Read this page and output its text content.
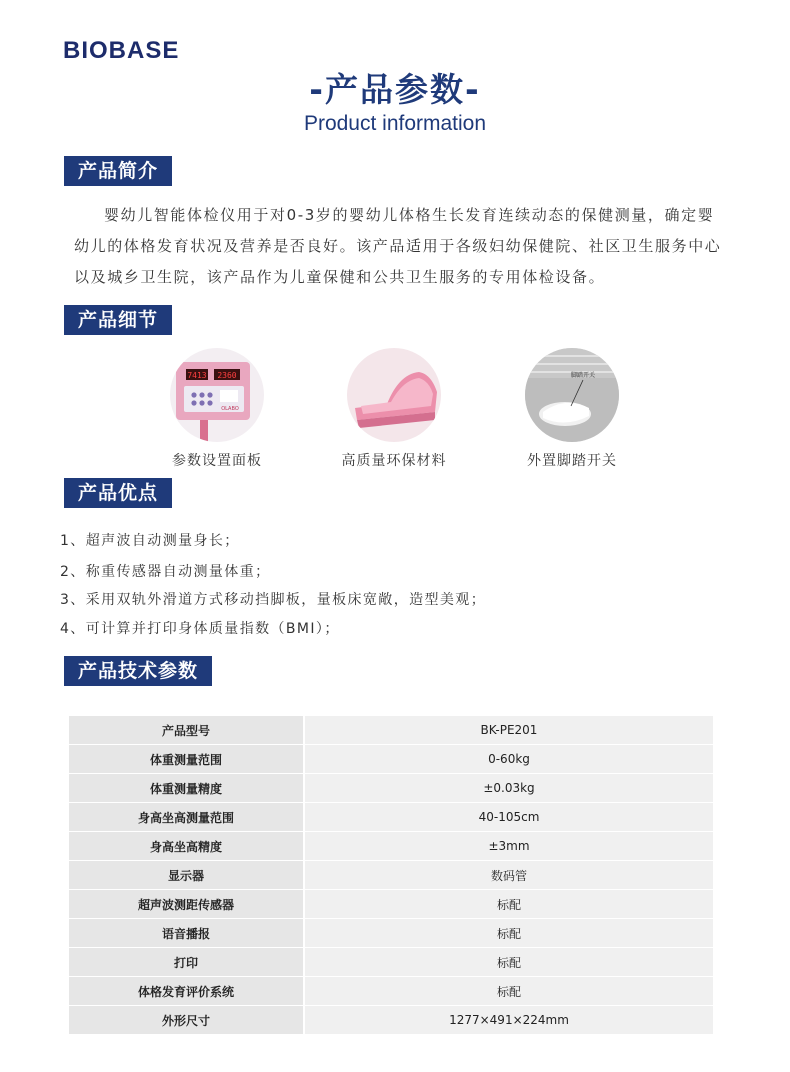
BIOBASE
-产品参数-
Product information
产品简介

婴幼儿智能体检仪用于对0-3岁的婴幼儿体格生长发育连续动态的保健测量，确定婴幼儿的体格发育状况及营养是否良好。该产品适用于各级妇幼保健院、社区卫生服务中心以及城乡卫生院，该产品作为儿童保健和公共卫生服务的专用体检设备。

产品细节
7413 2360
OLABO
参数设置面板	高质量环保材料
脚踏开关
外置脚踏开关
产品优点
1、超声波自动测量身长；
2、称重传感器自动测量体重；
3、采用双轨外滑道方式移动挡脚板，量板床宽敞，造型美观；
4、可计算并打印身体质量指数（BMI）；
产品技术参数
产品型号	BK-PE201
体重测量范围	0-60kg
体重测量精度	±0.03kg
身高坐高测量范围	40-105cm
身高坐高精度	±3mm
显示器	数码管
超声波测距传感器	标配
语音播报	标配
打印	标配
体格发育评价系统	标配
外形尺寸	1277×491×224mm
